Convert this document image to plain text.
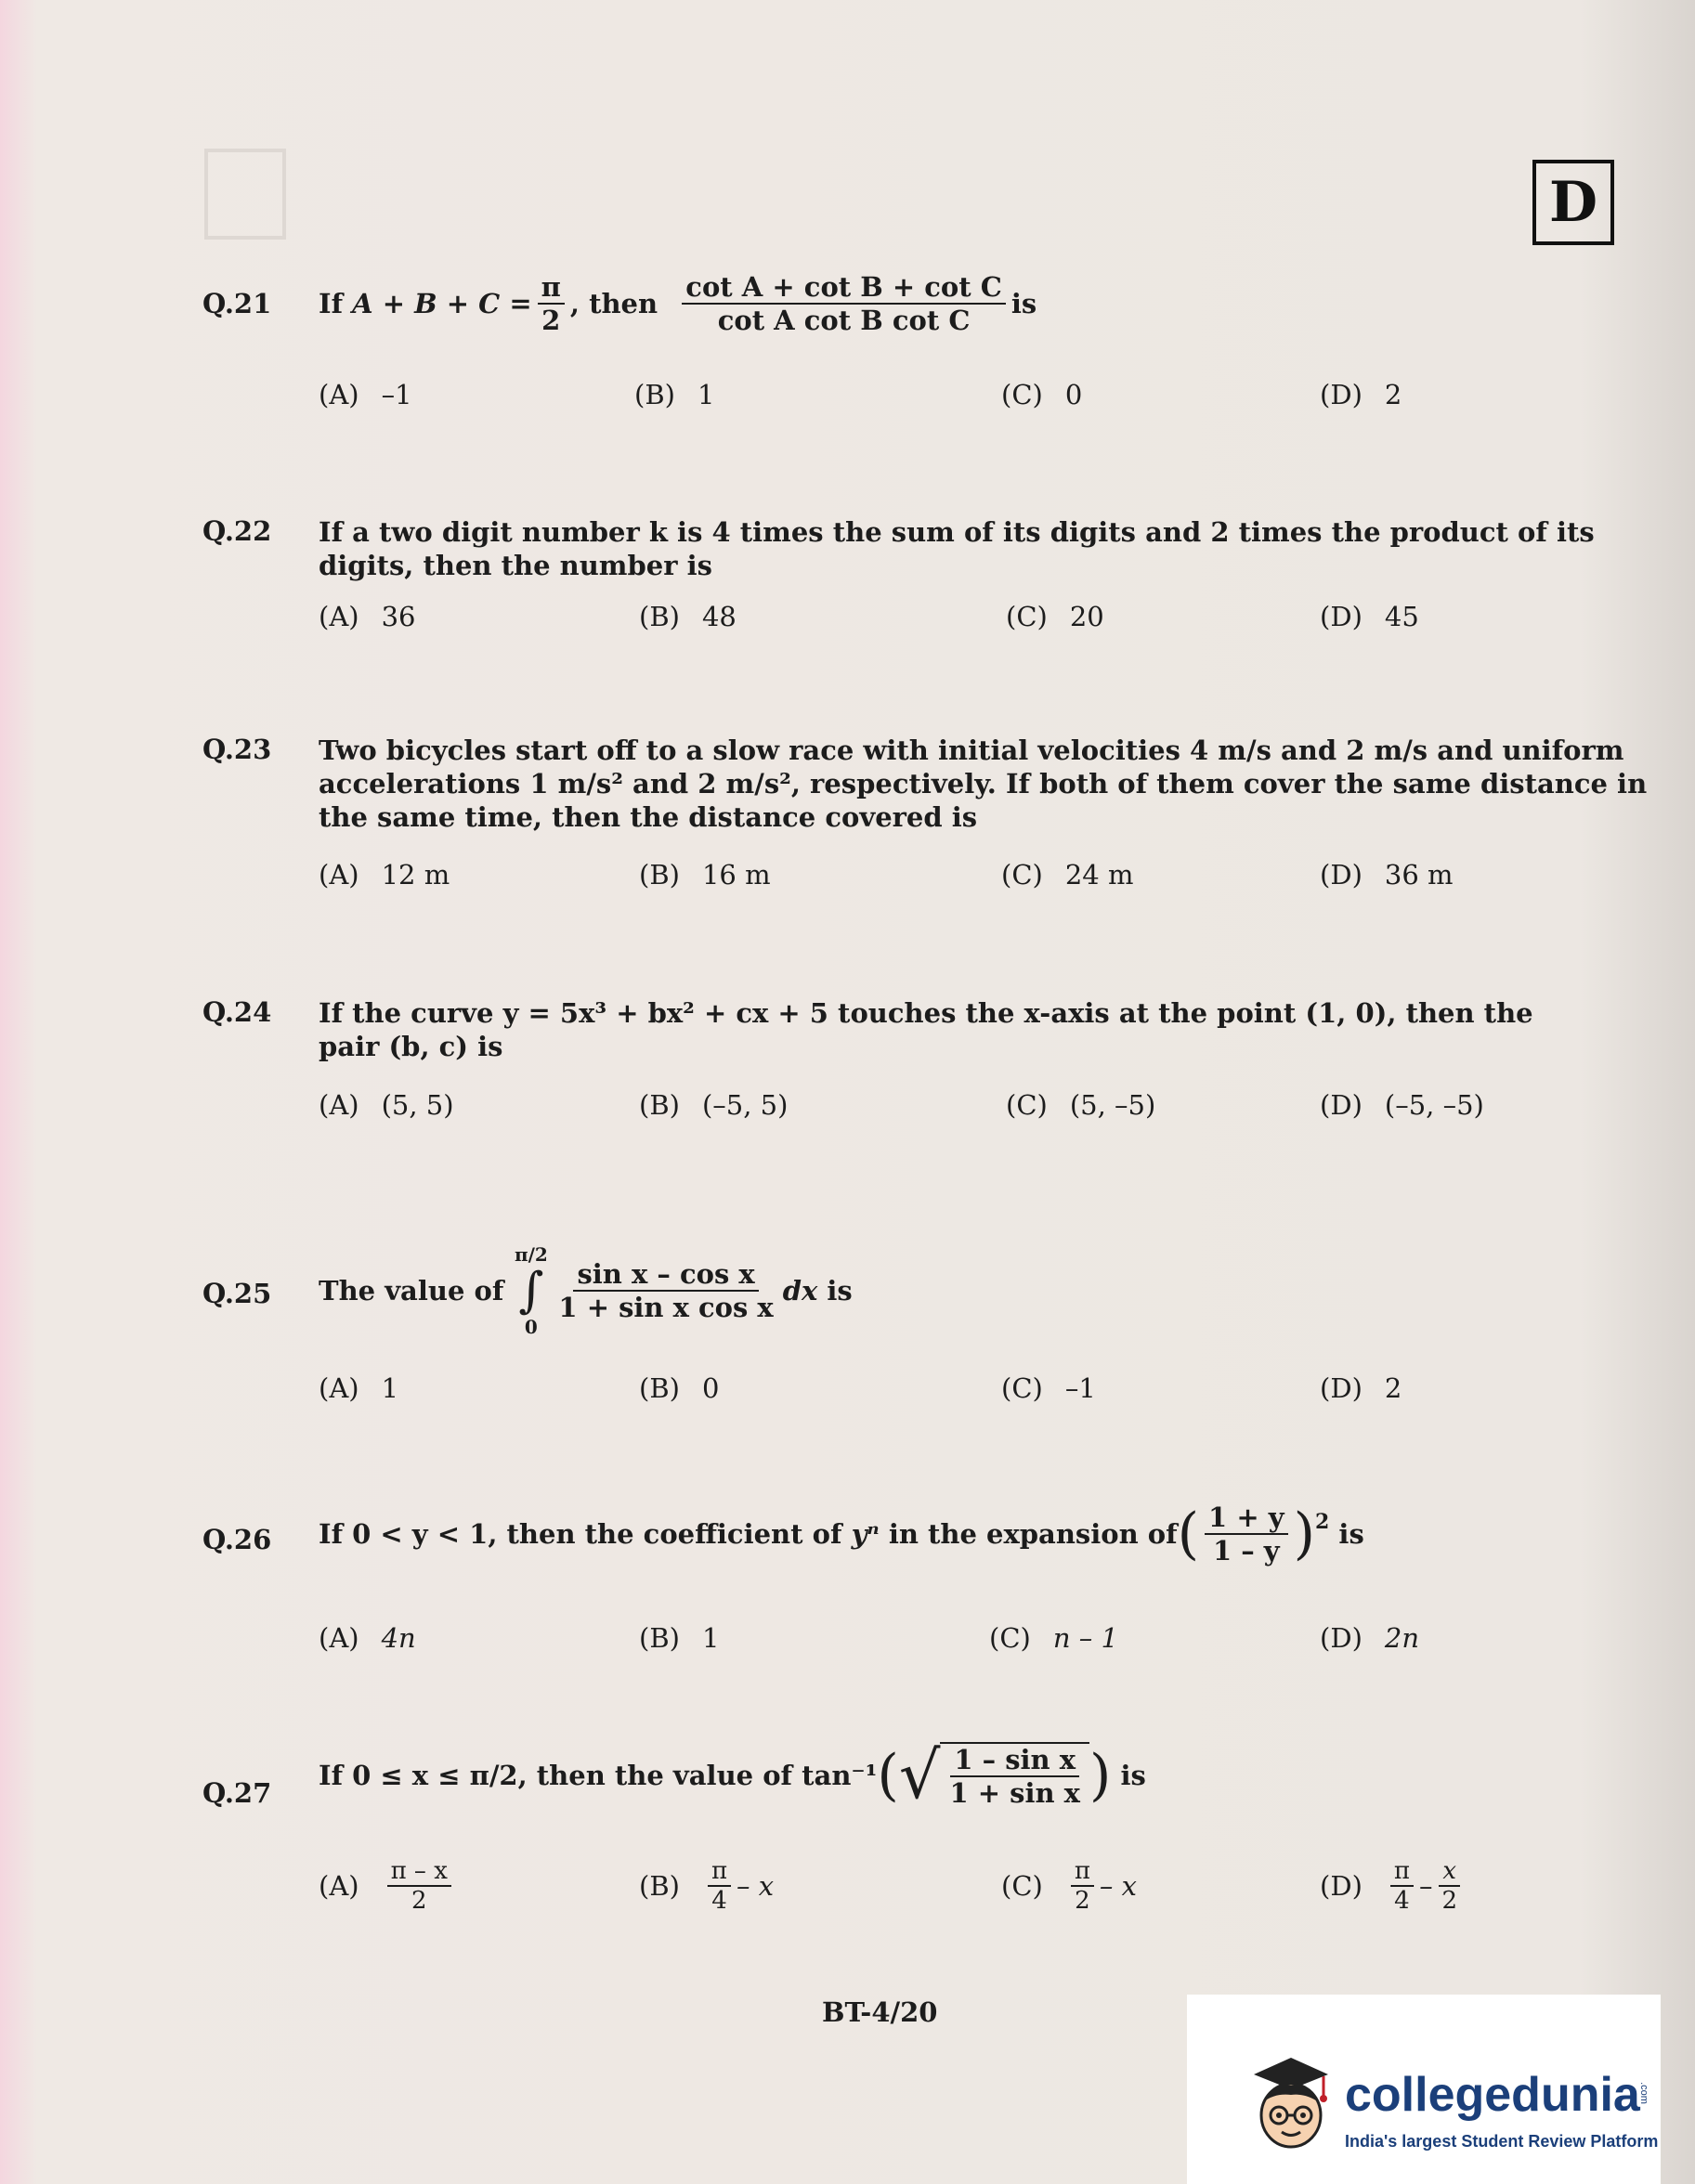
D
Q.21 If
$A + B + C = \frac{\pi}{2}$ , then
$\frac{\text{cot A + cot B + cot C}}{\text{cot A cot B cot C}}$ is
(A) –1	(B) 1	(C) 0	(D) 2
Q.22 If a two digit number k is 4 times the sum of its digits and 2 times the product of its
digits, then the number is
(A) 36	(B) 48	(C) 20	(D) 45
Q.23 Two bicycles start off to a slow race with initial velocities 4 m/s and 2 m/s and uniform
accelerations 1 m/s² and 2 m/s², respectively. If both of them cover the same distance in
the same time, then the distance covered is
(A) 12 m	(B) 16 m	(C) 24 m	(D) 36 m
Q.24 If the curve y = 5x³ + bx² + cx + 5 touches the x-axis at the point (1, 0), then the
pair (b, c) is
(A) (5, 5)	(B) (–5, 5)	(C) (5, –5)	(D) (–5, –5)
Q.25 The value of
π/2
∫
0
$\frac{\text{sin x – cos x}}{\text{1 + sin x cos x}}$ dx
is
(A) 1	(B) 0	(C) –1	(D) 2
Q.26 If 0 < y < 1, then the coefficient of
yⁿ
in the expansion of ( $\frac{1 + y}{1 - y} )^2$
is
(A) 4n	(B) 1	(C) n – 1	(D) 2n
Q.27
If 0 ≤ x ≤ π/2, then the value of
tan⁻¹ ( √ $\frac{\text{1 – sin x}}{\text{1 + sin x}}$ )
is
$(A) \frac{\pi - x}{2}$	$(B) \frac{\pi}{4}$ – x	$(C) \frac{\pi}{2}$ – x	$(D) \frac{\pi}{4} - \frac{x}{2}$
BT-4/20
collegedunia
.com
India's largest Student Review Platform
